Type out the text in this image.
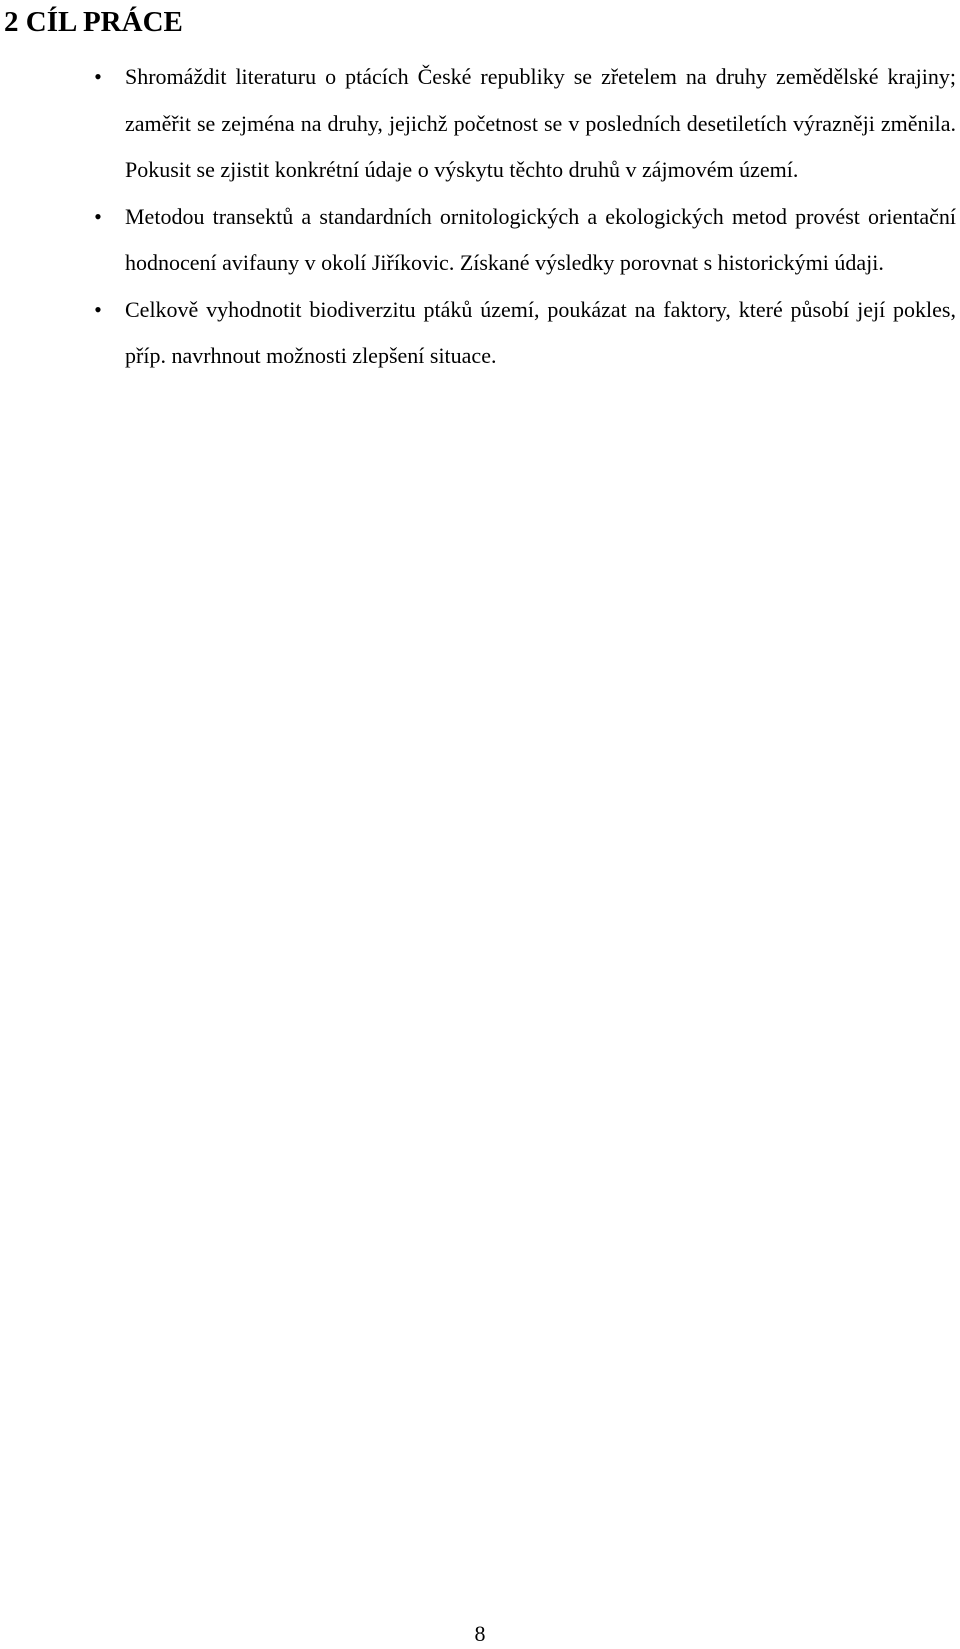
2 CÍL PRÁCE
• Shromáždit literaturu o ptácích České republiky se zřetelem na druhy zemědělské krajiny; zaměřit se zejména na druhy, jejichž početnost se v posledních desetiletích výrazněji změnila. Pokusit se zjistit konkrétní údaje o výskytu těchto druhů v zájmovém území.
• Metodou transektů a standardních ornitologických a ekologických metod provést orientační hodnocení avifauny v okolí Jiříkovic. Získané výsledky porovnat s historickými údaji.
• Celkově vyhodnotit biodiverzitu ptáků území, poukázat na faktory, které působí její pokles, příp. navrhnout možnosti zlepšení situace.
8
